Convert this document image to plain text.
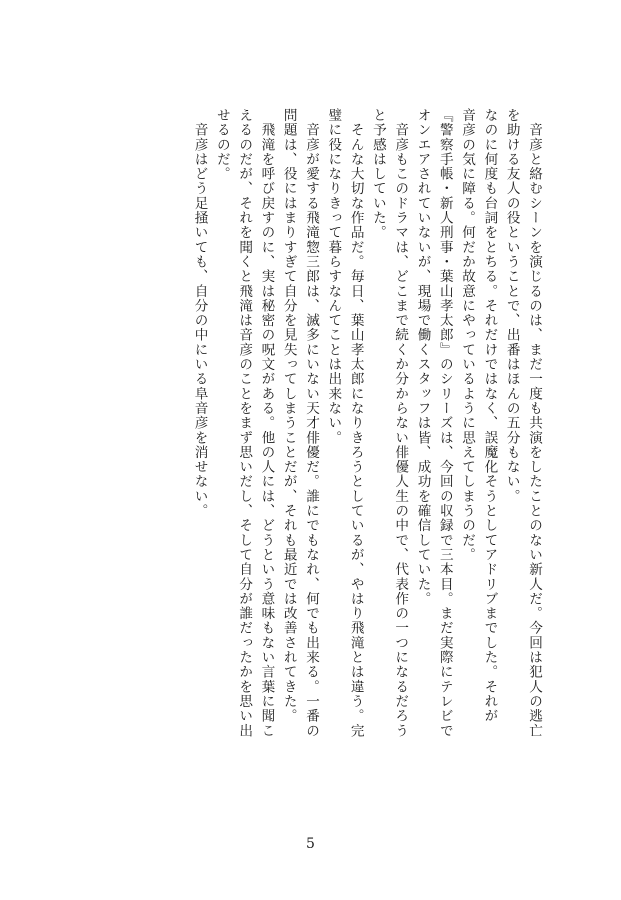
　音彦と絡むシーンを演じるのは、まだ一度も共演をしたことのない新人だ。今回は犯人の逃亡
を助ける友人の役ということで、出番はほんの五分もない。
なのに何度も台詞をとちる。それだけではなく、誤魔化そうとしてアドリブまでした。それが
音彦の気に障る。何だか故意にやっているように思えてしまうのだ。
『警察手帳・新人刑事・葉山孝太郎』のシリーズは、今回の収録で三本目。まだ実際にテレビで
オンエアされていないが、現場で働くスタッフは皆、成功を確信していた。
　音彦もこのドラマは、どこまで続くか分からない俳優人生の中で、代表作の一つになるだろう
と予感はしていた。
　そんな大切な作品だ。毎日、葉山孝太郎になりきろうとしているが、やはり飛滝とは違う。完
璧に役になりきって暮らすなんてことは出来ない。
　音彦が愛する飛滝惣三郎は、滅多にいない天才俳優だ。誰にでもなれ、何でも出来る。一番の
問題は、役にはまりすぎて自分を見失ってしまうことだが、それも最近では改善されてきた。
　飛滝を呼び戻すのに、実は秘密の呪文がある。他の人には、どうという意味もない言葉に聞こ
えるのだが、それを聞くと飛滝は音彦のことをまず思いだし、そして自分が誰だったかを思い出
せるのだ。
　音彦はどう足掻いても、自分の中にいる阜音彦を消せない。
5
